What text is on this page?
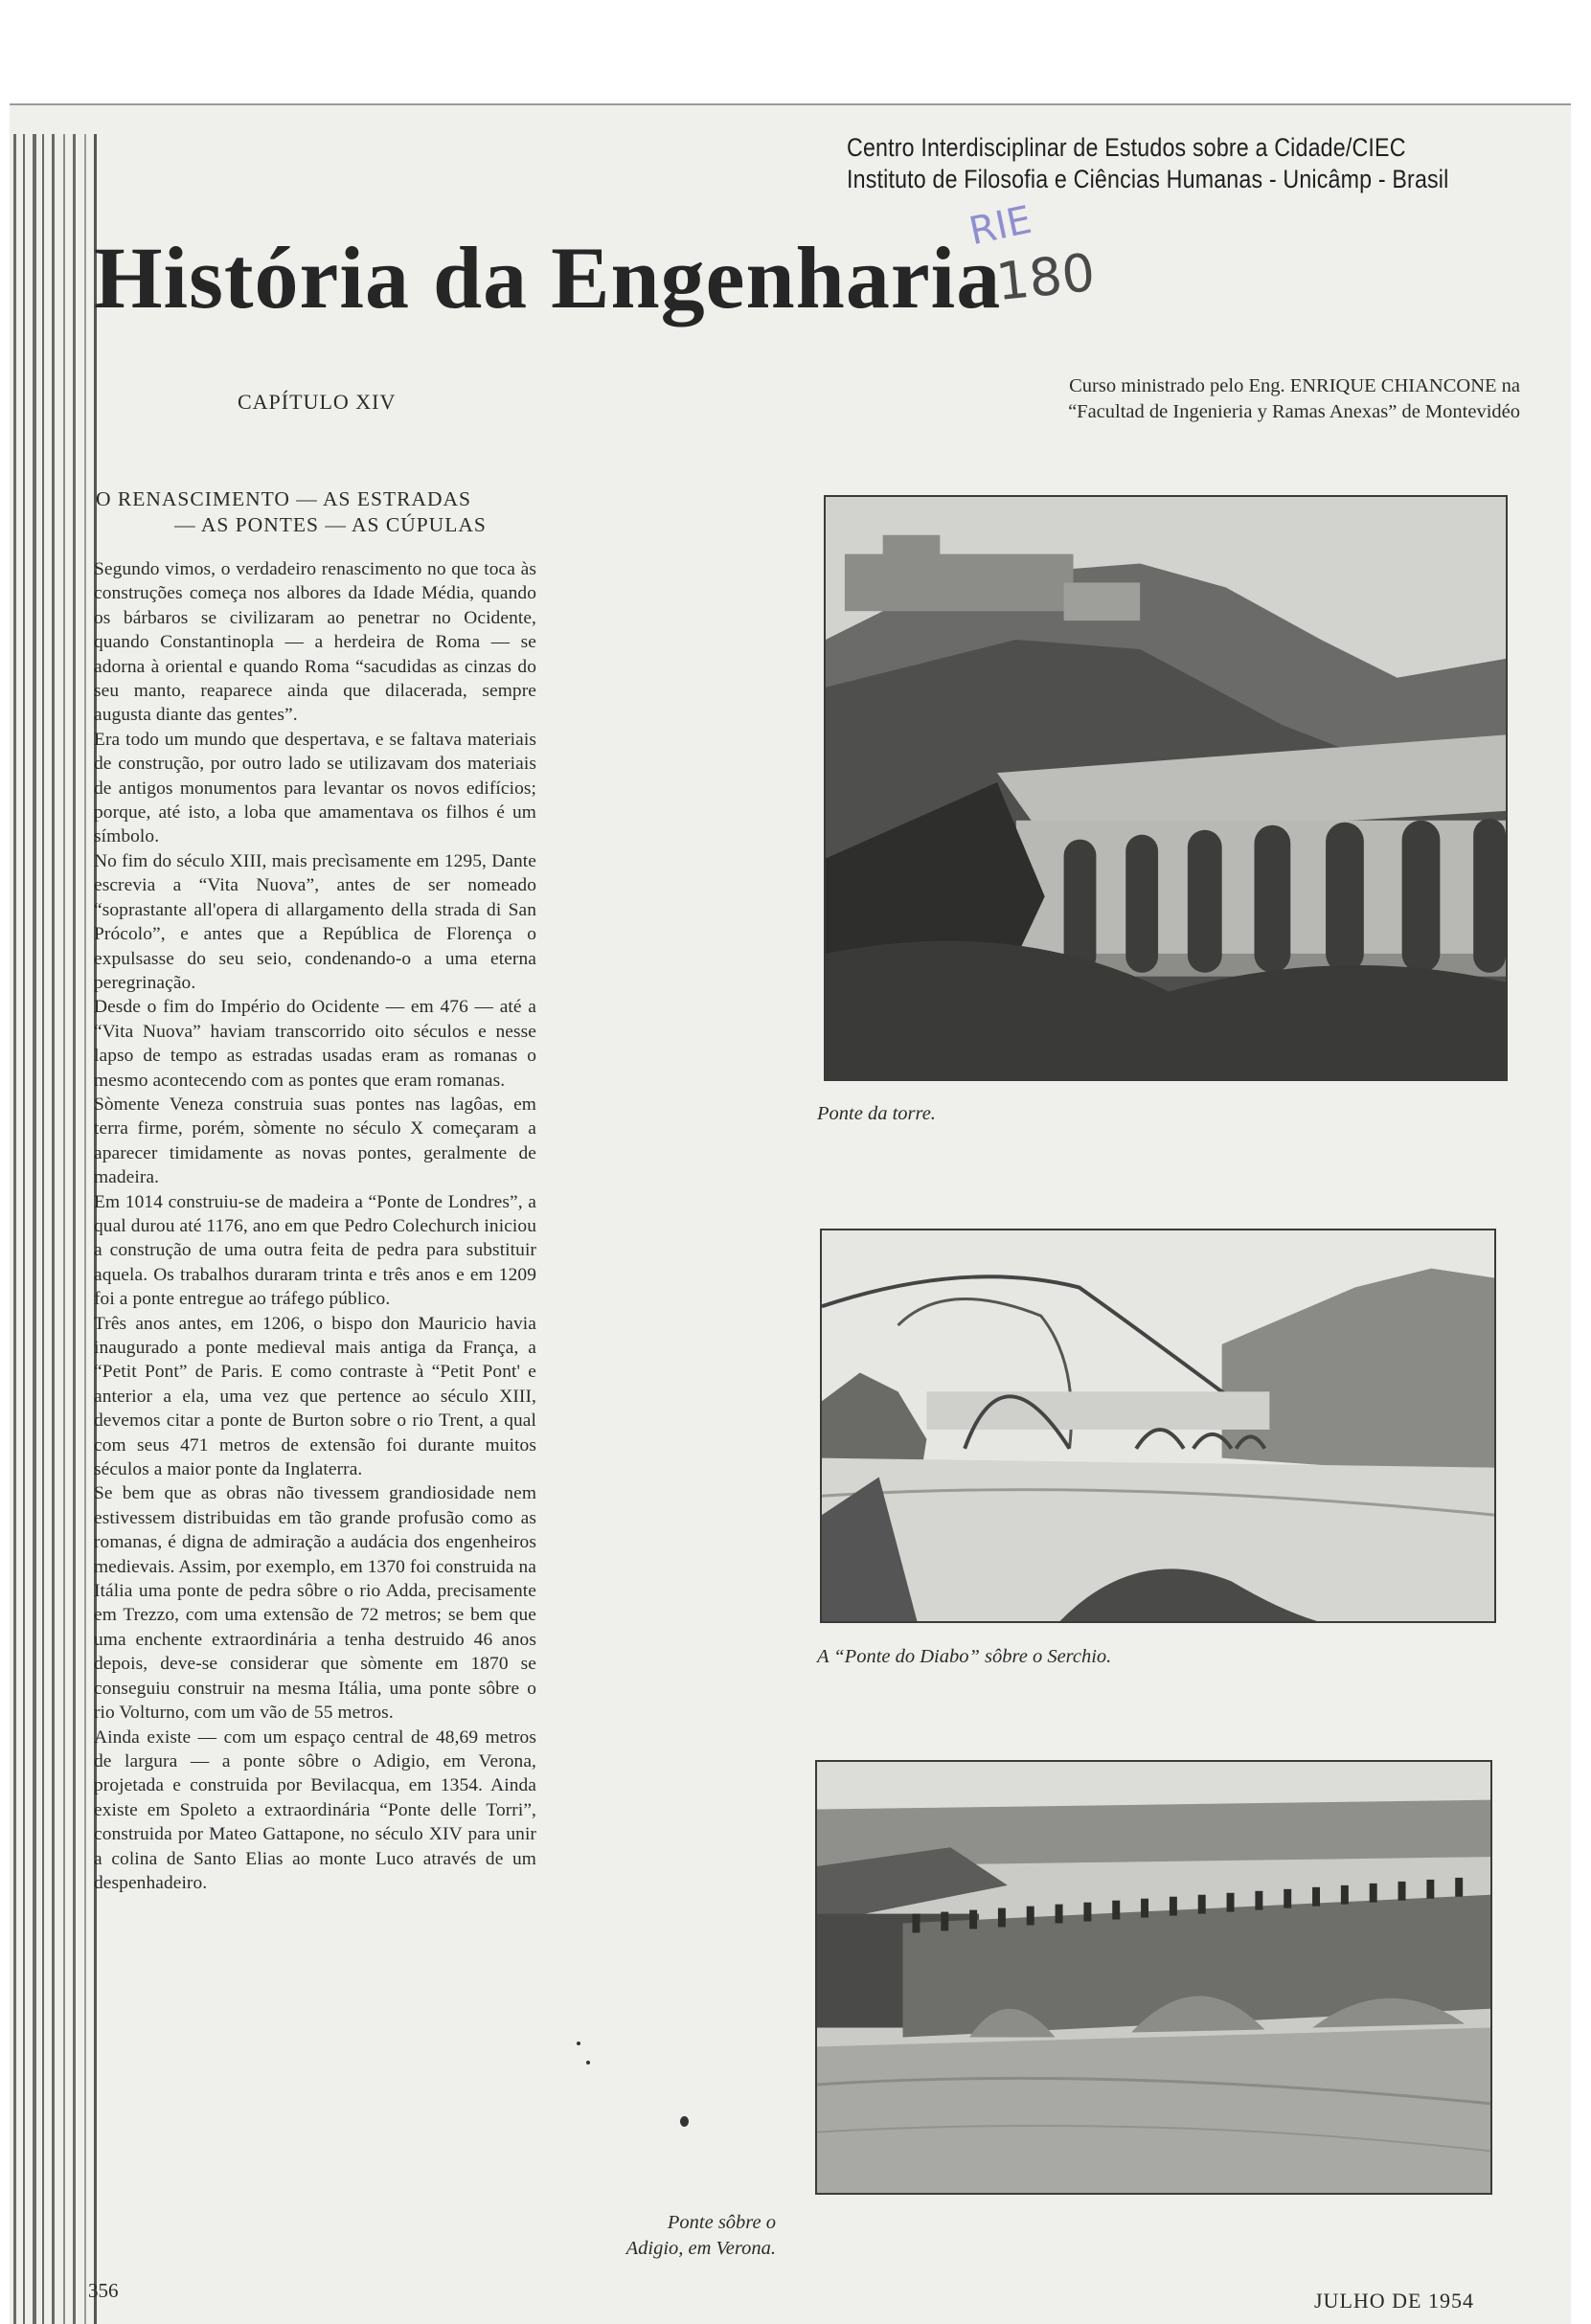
Centro Interdisciplinar de Estudos sobre a Cidade/CIEC
Instituto de Filosofia e Ciências Humanas - Unicâmp - Brasil
História da Engenharia
RIE
180
CAPÍTULO XIV
Curso ministrado pelo Eng. ENRIQUE CHIANCONE na
“Facultad de Ingenieria y Ramas Anexas” de Montevidéo
O RENASCIMENTO — AS ESTRADAS
— AS PONTES — AS CÚPULAS

Segundo vimos, o verdadeiro renascimento no que toca às construções começa nos albores da Idade Média, quando os bárbaros se civilizaram ao penetrar no Ocidente, quando Constantinopla — a herdeira de Roma — se adorna à oriental e quando Roma “sacudidas as cinzas do seu manto, reaparece ainda que dilacerada, sempre augusta diante das gentes”.

Era todo um mundo que despertava, e se faltava materiais de construção, por outro lado se utilizavam dos materiais de antigos monumentos para levantar os novos edifícios; porque, até isto, a loba que amamentava os filhos é um símbolo.

No fim do século XIII, mais precìsamente em 1295, Dante escrevia a “Vita Nuova”, antes de ser nomeado “soprastante all'opera di allargamento della strada di San Prócolo”, e antes que a República de Florença o expulsasse do seu seio, condenando-o a uma eterna peregrinação.

Desde o fim do Império do Ocidente — em 476 — até a “Vita Nuova” haviam transcorrido oito séculos e nesse lapso de tempo as estradas usadas eram as romanas o mesmo acontecendo com as pontes que eram romanas.

Sòmente Veneza construia suas pontes nas lagôas, em terra firme, porém, sòmente no século X começaram a aparecer timidamente as novas pontes, geralmente de madeira.

Em 1014 construiu-se de madeira a “Ponte de Londres”, a qual durou até 1176, ano em que Pedro Colechurch iniciou a construção de uma outra feita de pedra para substituir aquela. Os trabalhos duraram trinta e três anos e em 1209 foi a ponte entregue ao tráfego público.

Três anos antes, em 1206, o bispo don Mauricio havia inaugurado a ponte medieval mais antiga da França, a “Petit Pont” de Paris. E como contraste à “Petit Pont' e anterior a ela, uma vez que pertence ao século XIII, devemos citar a ponte de Burton sobre o rio Trent, a qual com seus 471 metros de extensão foi durante muitos séculos a maior ponte da Inglaterra.

Se bem que as obras não tivessem grandiosidade nem estivessem distribuidas em tão grande profusão como as romanas, é digna de admiração a audácia dos engenheiros medievais. Assim, por exemplo, em 1370 foi construida na Itália uma ponte de pedra sôbre o rio Adda, precisamente em Trezzo, com uma extensão de 72 metros; se bem que uma enchente extraordinária a tenha destruido 46 anos depois, deve-se considerar que sòmente em 1870 se conseguiu construir na mesma Itália, uma ponte sôbre o rio Volturno, com um vão de 55 metros.

Ainda existe — com um espaço central de 48,69 metros de largura — a ponte sôbre o Adigio, em Verona, projetada e construida por Bevilacqua, em 1354. Ainda existe em Spoleto a extraordinária “Ponte delle Torri”, construida por Mateo Gattapone, no século XIV para unir a colina de Santo Elias ao monte Luco através de um despenhadeiro.

Ponte da torre.
A “Ponte do Diabo” sôbre o Serchio.
Ponte sôbre o
Adigio, em Verona.
356	JULHO DE 1954
